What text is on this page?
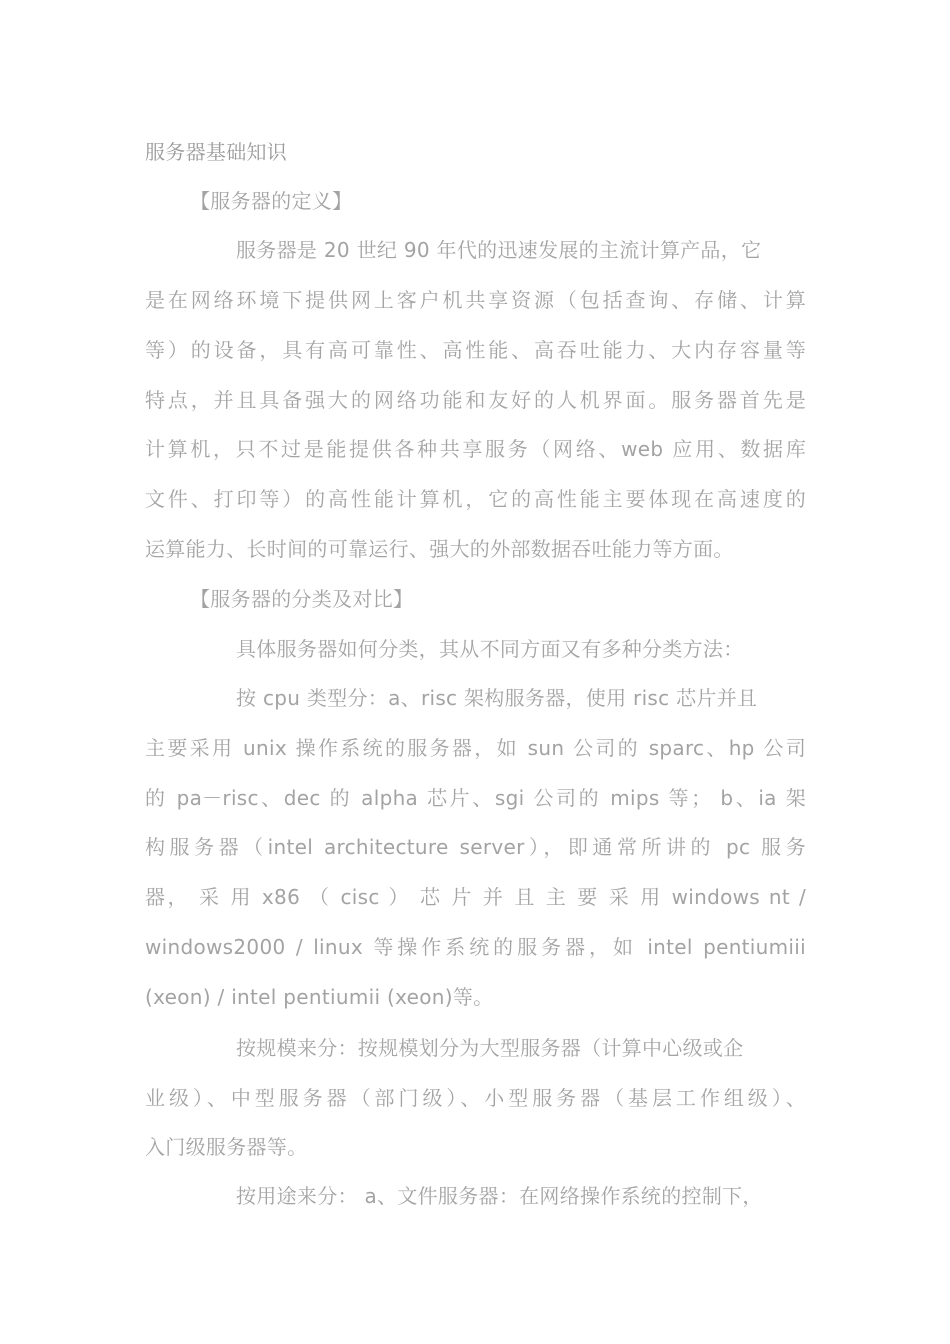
服务器基础知识
【服务器的定义】
服务器是 20 世纪 90 年代的迅速发展的主流计算产品，它
是在网络环境下提供网上客户机共享资源（包括查询、存储、计算
等）的设备，具有高可靠性、高性能、高吞吐能力、大内存容量等
特点，并且具备强大的网络功能和友好的人机界面。服务器首先是
计算机，只不过是能提供各种共享服务（网络、web 应用、数据库
文件、打印等）的高性能计算机，它的高性能主要体现在高速度的
运算能力、长时间的可靠运行、强大的外部数据吞吐能力等方面。
【服务器的分类及对比】
具体服务器如何分类，其从不同方面又有多种分类方法：
按 cpu 类型分：a、risc 架构服务器，使用 risc 芯片并且
主要采用 unix 操作系统的服务器，如 sun 公司的 sparc、hp 公司
的 pa－risc、dec 的 alpha 芯片、sgi 公司的 mips 等； b、ia 架
构服务器（intel architecture server），即通常所讲的 pc 服务
器， 采 用 x86 （ cisc ） 芯 片 并 且 主 要 采 用 windows nt /
windows2000 / linux 等操作系统的服务器，如 intel pentiumiii
(xeon) / intel pentiumii (xeon)等。
按规模来分：按规模划分为大型服务器（计算中心级或企
业级）、中型服务器（部门级）、小型服务器（基层工作组级）、
入门级服务器等。
按用途来分： a、文件服务器：在网络操作系统的控制下，
